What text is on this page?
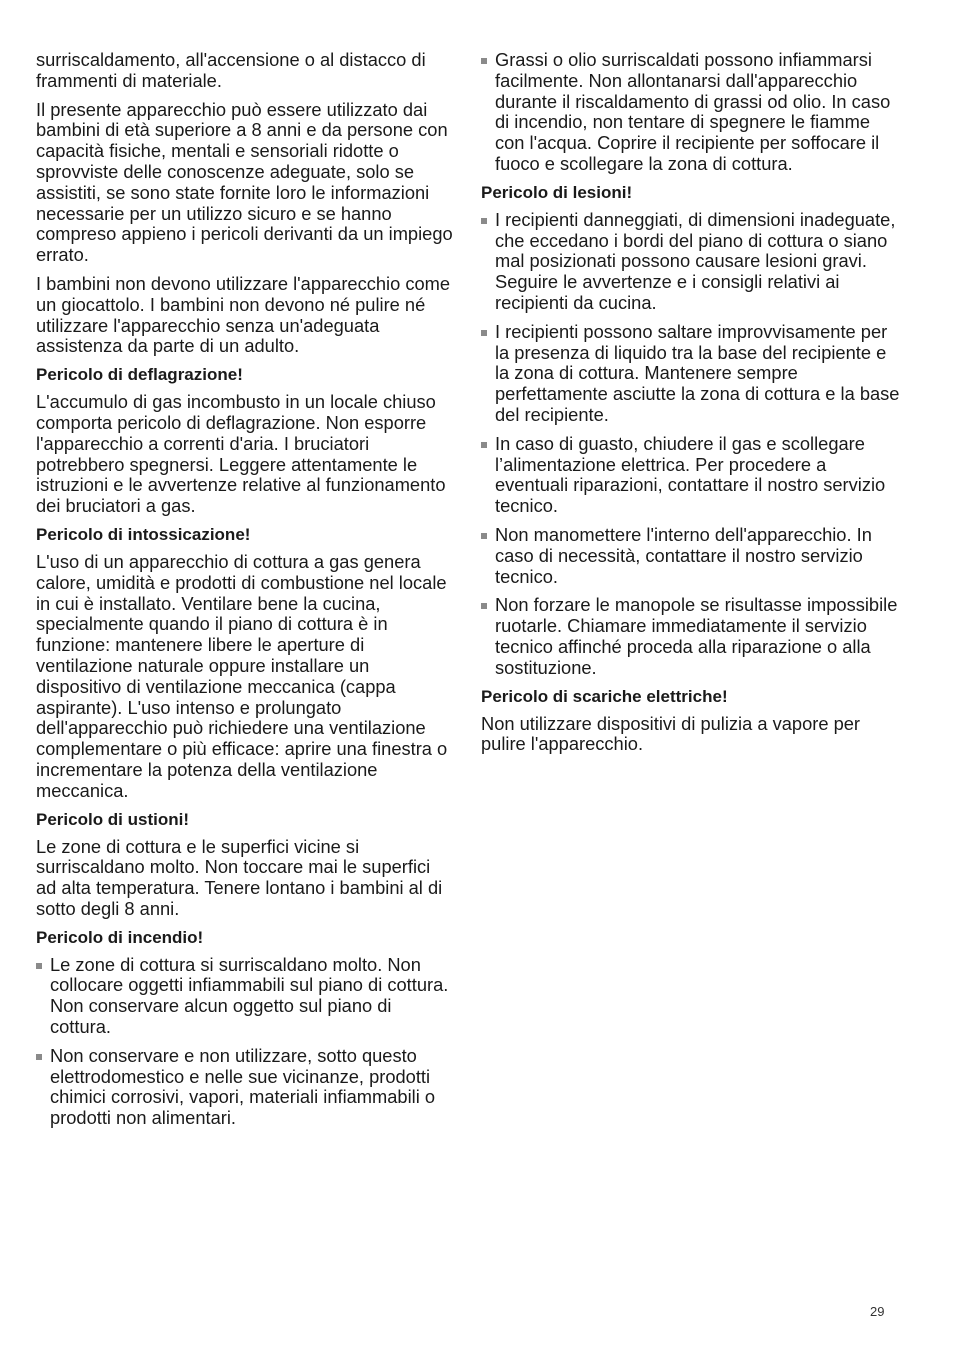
surriscaldamento, all'accensione o al distacco di frammenti di materiale.

Il presente apparecchio può essere utilizzato dai bambini di età superiore a 8 anni e da persone con capacità fisiche, mentali e sensoriali ridotte o sprovviste delle conoscenze adeguate, solo se assistiti, se sono state fornite loro le informazioni necessarie per un utilizzo sicuro e se hanno compreso appieno i pericoli derivanti da un impiego errato.

I bambini non devono utilizzare l'apparecchio come un giocattolo. I bambini non devono né pulire né utilizzare l'apparecchio senza un'adeguata assistenza da parte di un adulto.

Pericolo di deflagrazione!

L'accumulo di gas incombusto in un locale chiuso comporta pericolo di deflagrazione. Non esporre l'apparecchio a correnti d'aria. I bruciatori potrebbero spegnersi. Leggere attentamente le istruzioni e le avvertenze relative al funzionamento dei bruciatori a gas.

Pericolo di intossicazione!

L'uso di un apparecchio di cottura a gas genera calore, umidità e prodotti di combustione nel locale in cui è installato. Ventilare bene la cucina, specialmente quando il piano di cottura è in funzione: mantenere libere le aperture di ventilazione naturale oppure installare un dispositivo di ventilazione meccanica (cappa aspirante). L'uso intenso e prolungato dell'apparecchio può richiedere una ventilazione complementare o più efficace: aprire una finestra o incrementare la potenza della ventilazione meccanica.

Pericolo di ustioni!

Le zone di cottura e le superfici vicine si surriscaldano molto. Non toccare mai le superfici ad alta temperatura. Tenere lontano i bambini al di sotto degli 8 anni.

Pericolo di incendio!
Le zone di cottura si surriscaldano molto. Non collocare oggetti infiammabili sul piano di cottura. Non conservare alcun oggetto sul piano di cottura.
Non conservare e non utilizzare, sotto questo elettrodomestico e nelle sue vicinanze, prodotti chimici corrosivi, vapori, materiali infiammabili o prodotti non alimentari.
Grassi o olio surriscaldati possono infiammarsi facilmente. Non allontanarsi dall'apparecchio durante il riscaldamento di grassi od olio. In caso di incendio, non tentare di spegnere le fiamme con l'acqua. Coprire il recipiente per soffocare il fuoco e scollegare la zona di cottura.
Pericolo di lesioni!
I recipienti danneggiati, di dimensioni inadeguate, che eccedano i bordi del piano di cottura o siano mal posizionati possono causare lesioni gravi. Seguire le avvertenze e i consigli relativi ai recipienti da cucina.
I recipienti possono saltare improvvisamente per la presenza di liquido tra la base del recipiente e la zona di cottura. Mantenere sempre perfettamente asciutte la zona di cottura e la base del recipiente.
In caso di guasto, chiudere il gas e scollegare l’alimentazione elettrica. Per procedere a eventuali riparazioni, contattare il nostro servizio tecnico.
Non manomettere l'interno dell'apparecchio. In caso di necessità, contattare il nostro servizio tecnico.
Non forzare le manopole se risultasse impossibile ruotarle. Chiamare immediatamente il servizio tecnico affinché proceda alla riparazione o alla sostituzione.
Pericolo di scariche elettriche!

Non utilizzare dispositivi di pulizia a vapore per pulire l'apparecchio.

29
